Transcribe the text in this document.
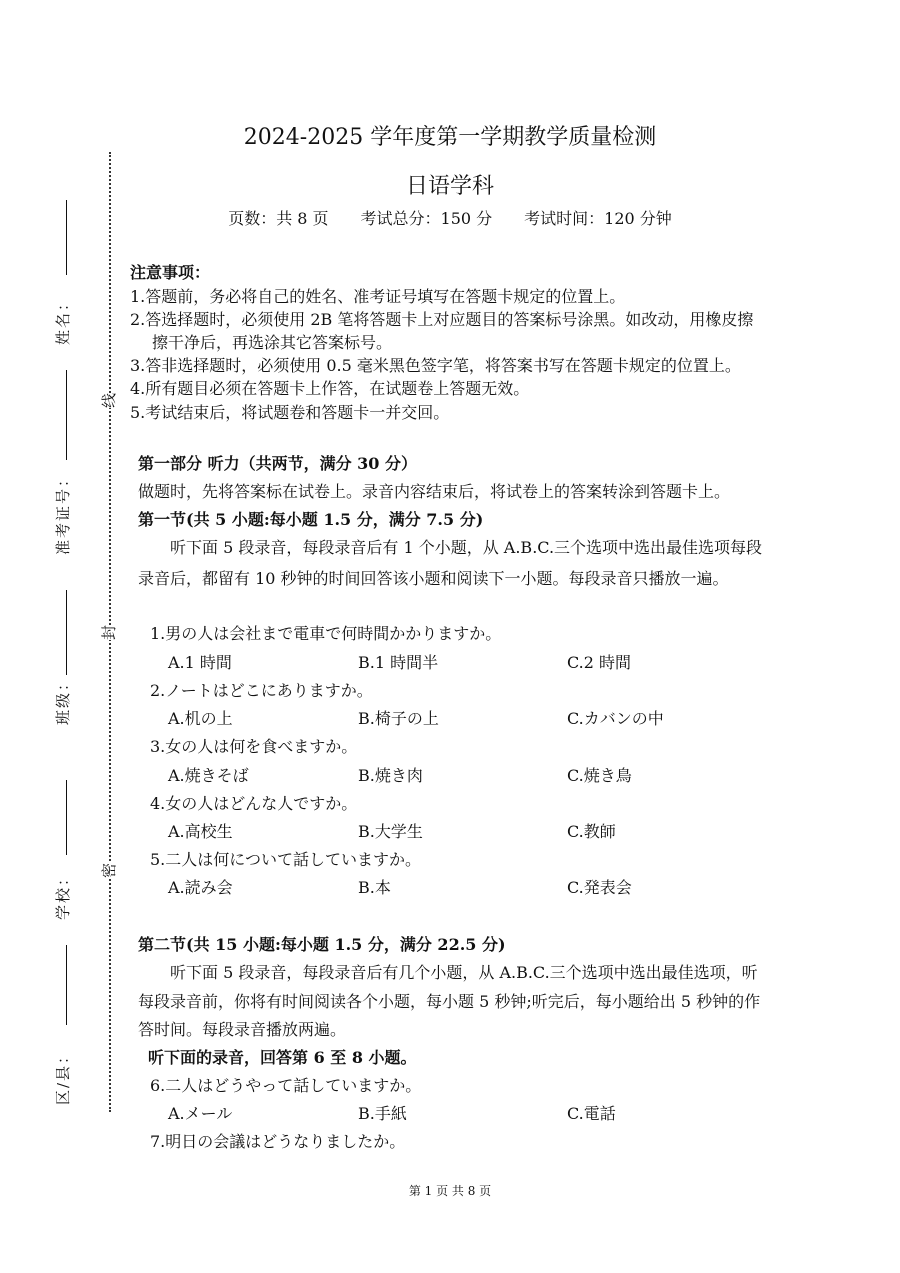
姓名：
准考证号：
班级：
学校：
区/县：
线
封
密
2024-2025 学年度第一学期教学质量检测
日语学科
页数：共 8 页　　考试总分：150 分　　考试时间：120 分钟
注意事项：
1.答题前，务必将自己的姓名、准考证号填写在答题卡规定的位置上。
2.答选择题时，必须使用 2B 笔将答题卡上对应题目的答案标号涂黑。如改动，用橡皮擦
擦干净后，再选涂其它答案标号。
3.答非选择题时，必须使用 0.5 毫米黑色签字笔，将答案书写在答题卡规定的位置上。
4.所有题目必须在答题卡上作答，在试题卷上答题无效。
5.考试结束后，将试题卷和答题卡一并交回。
第一部分 听力（共两节，满分 30 分）
做题时，先将答案标在试卷上。录音内容结束后，将试卷上的答案转涂到答题卡上。
第一节(共 5 小题:每小题 1.5 分，满分 7.5 分)
听下面 5 段录音，每段录音后有 1 个小题，从 A.B.C.三个选项中选出最佳选项每段
录音后，都留有 10 秒钟的时间回答该小题和阅读下一小题。每段录音只播放一遍。
1.男の人は会社まで電車で何時間かかりますか。
A.1 時間	B.1 時間半	C.2 時間
2.ノートはどこにありますか。
A.机の上	B.椅子の上	C.カバンの中
3.女の人は何を食べますか。
A.焼きそば	B.焼き肉	C.焼き鳥
4.女の人はどんな人ですか。
A.高校生	B.大学生	C.教師
5.二人は何について話していますか。
A.読み会	B.本	C.発表会
第二节(共 15 小题:每小题 1.5 分，满分 22.5 分)
听下面 5 段录音，每段录音后有几个小题，从 A.B.C.三个选项中选出最佳选项，听
每段录音前，你将有时间阅读各个小题，每小题 5 秒钟;听完后，每小题给出 5 秒钟的作
答时间。每段录音播放两遍。
听下面的录音，回答第 6 至 8 小题。
6.二人はどうやって話していますか。
A.メール	B.手紙	C.電話
7.明日の会議はどうなりましたか。
第 1 页 共 8 页
